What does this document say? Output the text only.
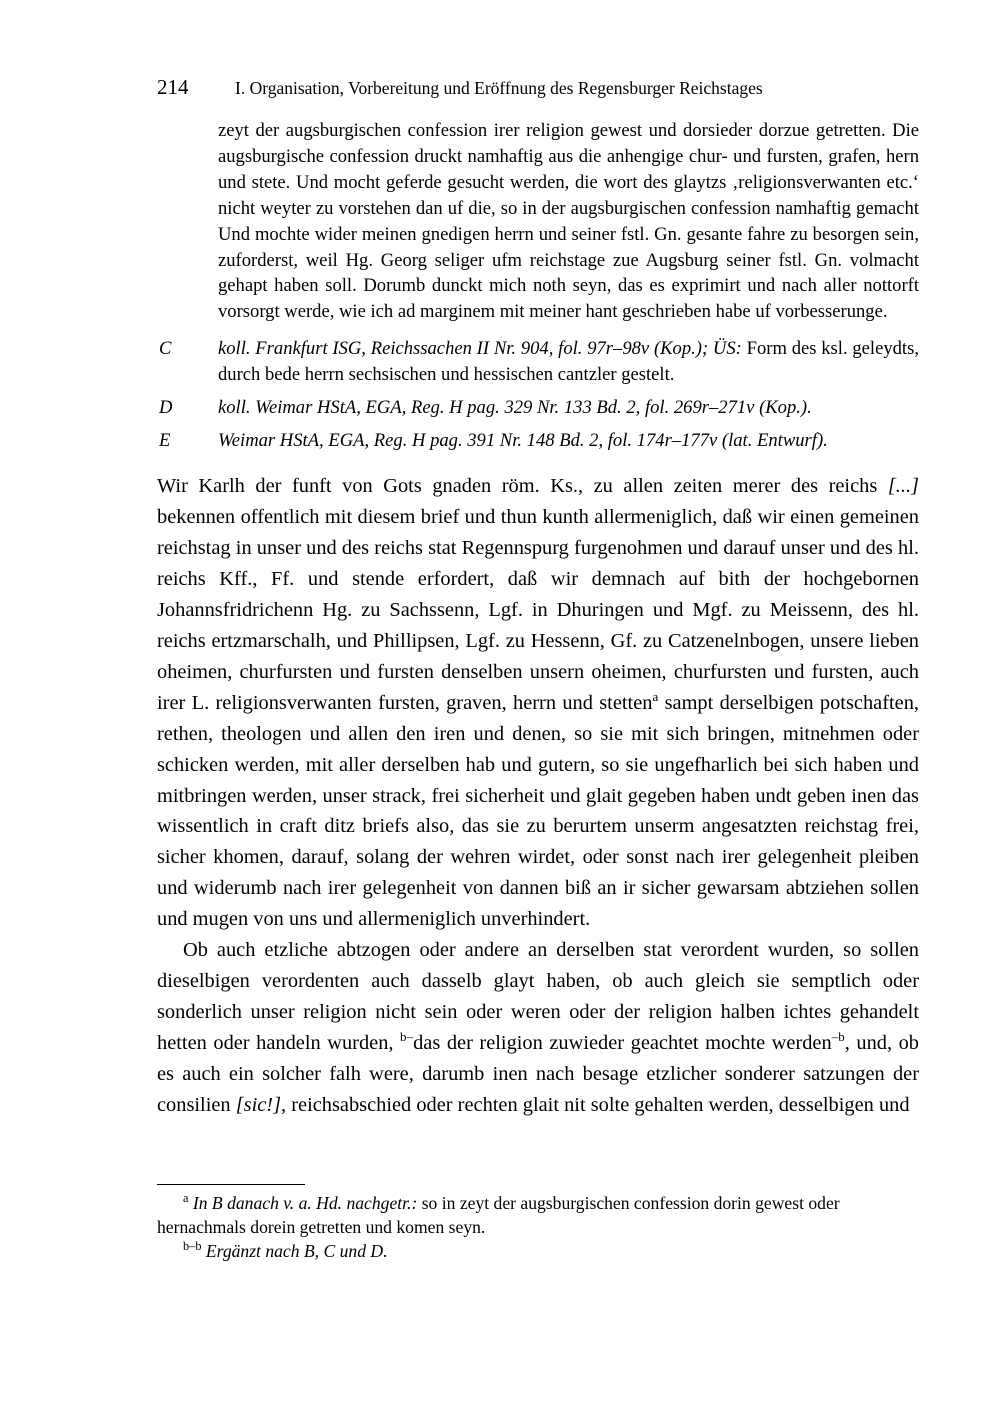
214	I. Organisation, Vorbereitung und Eröffnung des Regensburger Reichstages

zeyt der augsburgischen confession irer religion gewest und dorsieder dorzue getretten. Die augsburgische confession druckt namhaftig aus die anhengige chur- und fursten, grafen, hern und stete. Und mocht geferde gesucht werden, die wort des glaytzs ‚religionsverwanten etc.‘ nicht weyter zu vorstehen dan uf die, so in der augsburgischen confession namhaftig gemacht Und mochte wider meinen gnedigen herrn und seiner fstl. Gn. gesante fahre zu besorgen sein, zuforderst, weil Hg. Georg seliger ufm reichstage zue Augsburg seiner fstl. Gn. volmacht gehapt haben soll. Dorumb dunckt mich noth seyn, das es exprimirt und nach aller nottorft vorsorgt werde, wie ich ad marginem mit meiner hant geschrieben habe uf vorbesserunge.

C	koll. Frankfurt ISG, Reichssachen II Nr. 904, fol. 97r–98v (Kop.); ÜS: Form des ksl. geleydts, durch bede herrn sechsischen und hessischen cantzler gestelt.
D koll. Weimar HStA, EGA, Reg. H pag. 329 Nr. 133 Bd. 2, fol. 269r–271v (Kop.).
E	Weimar HStA, EGA, Reg. H pag. 391 Nr. 148 Bd. 2, fol. 174r–177v (lat. Entwurf).

Wir Karlh der funft von Gots gnaden röm. Ks., zu allen zeiten merer des reichs [...] bekennen offentlich mit diesem brief und thun kunth allermeniglich, daß wir einen gemeinen reichstag in unser und des reichs stat Regennspurg furgenohmen und darauf unser und des hl. reichs Kff., Ff. und stende erfordert, daß wir demnach auf bith der hochgebornen Johannsfridrichenn Hg. zu Sachssenn, Lgf. in Dhuringen und Mgf. zu Meissenn, des hl. reichs ertzmarschalh, und Phillipsen, Lgf. zu Hessenn, Gf. zu Catzenelnbogen, unsere lieben oheimen, churfursten und fursten denselben unsern oheimen, churfursten und fursten, auch irer L. religionsverwanten fursten, graven, herrn und stetten$^a$ sampt derselbigen potschaften, rethen, theologen und allen den iren und denen, so sie mit sich bringen, mitnehmen oder schicken werden, mit aller derselben hab und gutern, so sie ungefharlich bei sich haben und mitbringen werden, unser strack, frei sicherheit und glait gegeben haben undt geben inen das wissentlich in craft ditz briefs also, das sie zu berurtem unserm angesatzten reichstag frei, sicher khomen, darauf, solang der wehren wirdet, oder sonst nach irer gelegenheit pleiben und widerumb nach irer gelegenheit von dannen biß an ir sicher gewarsam abtziehen sollen und mugen von uns und allermeniglich unverhindert.

Ob auch etzliche abtzogen oder andere an derselben stat verordent wurden, so sollen dieselbigen verordenten auch dasselb glayt haben, ob auch gleich sie semptlich oder sonderlich unser religion nicht sein oder weren oder der religion halben ichtes gehandelt hetten oder handeln wurden, $^{b-}$das der religion zuwieder geachtet mochte werden$^{-b}$, und, ob es auch ein solcher falh were, darumb inen nach besage etzlicher sonderer satzungen der consilien [sic!], reichsabschied oder rechten glait nit solte gehalten werden, desselbigen und

$^a$ In B danach v. a. Hd. nachgetr.: so in zeyt der augsburgischen confession dorin gewest oder hernachmals dorein getretten und komen seyn.

$^{b-b}$ Ergänzt nach B, C und D.
